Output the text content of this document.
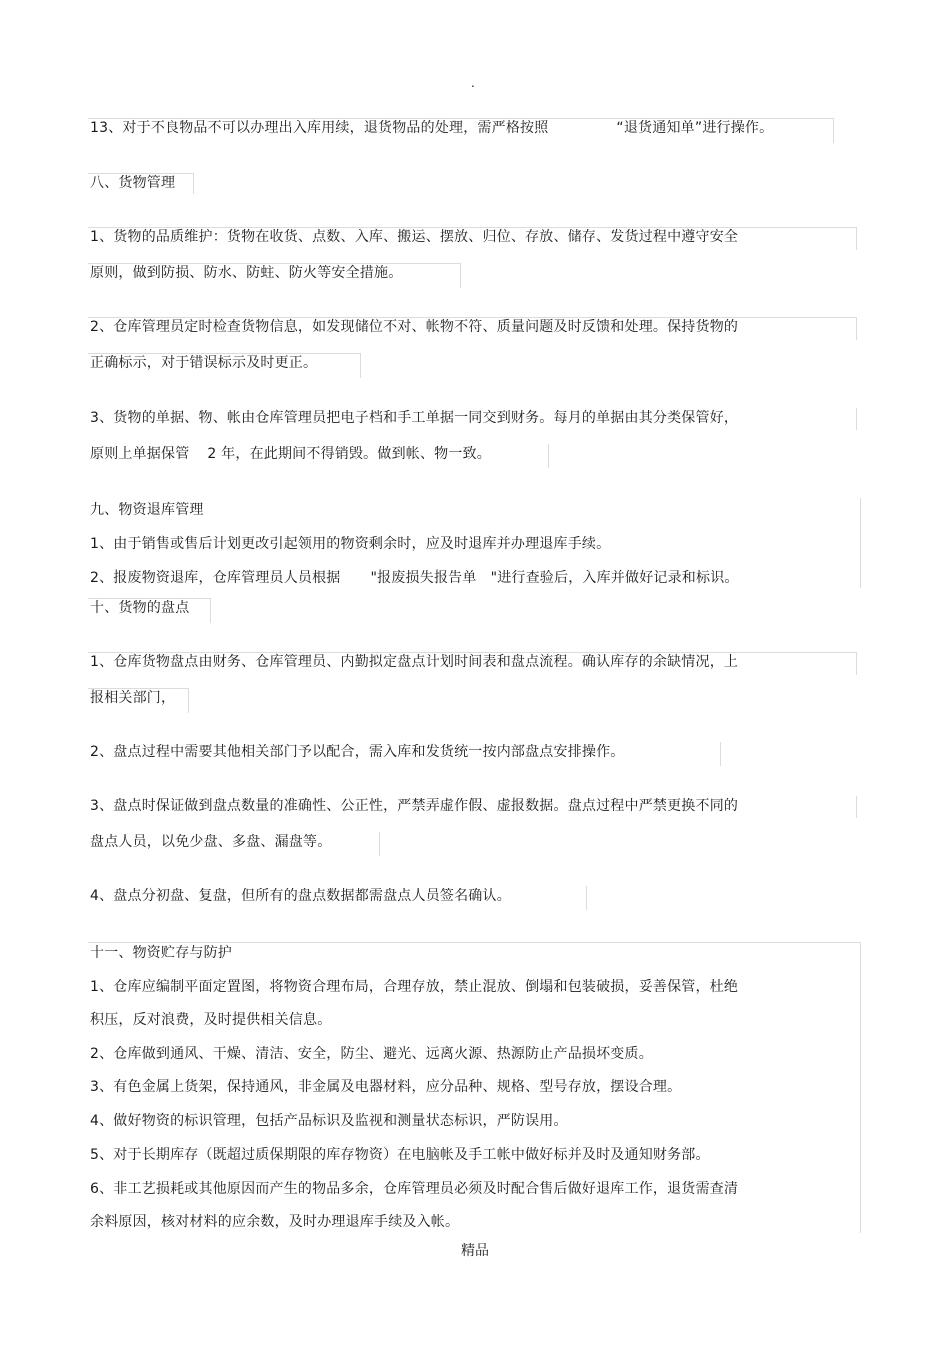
.
13、对于不良物品不可以办理出入库用续，退货物品的处理，需严格按照	“退货通知单”进行操作。
八、货物管理
1、货物的品质维护：货物在收货、点数、入库、搬运、摆放、归位、存放、储存、发货过程中遵守安全
原则，做到防损、防水、防蛀、防火等安全措施。
2、仓库管理员定时检查货物信息，如发现储位不对、帐物不符、质量问题及时反馈和处理。保持货物的
正确标示，对于错误标示及时更正。
3、货物的单据、物、帐由仓库管理员把电子档和手工单据一同交到财务。每月的单据由其分类保管好，
原则上单据保管 2 年，在此期间不得销毁。做到帐、物一致。
九、物资退库管理
1、由于销售或售后计划更改引起领用的物资剩余时，应及时退库并办理退库手续。
2、报废物资退库，仓库管理员人员根据 "报废损失报告单 "进行查验后，入库并做好记录和标识。
十、货物的盘点
1、仓库货物盘点由财务、仓库管理员、内勤拟定盘点计划时间表和盘点流程。确认库存的余缺情况，上
报相关部门，
2、盘点过程中需要其他相关部门予以配合，需入库和发货统一按内部盘点安排操作。
3、盘点时保证做到盘点数量的准确性、公正性，严禁弄虚作假、虚报数据。盘点过程中严禁更换不同的
盘点人员，以免少盘、多盘、漏盘等。
4、盘点分初盘、复盘，但所有的盘点数据都需盘点人员签名确认。
十一、物资贮存与防护
1、仓库应编制平面定置图，将物资合理布局，合理存放，禁止混放、倒塌和包装破损，妥善保管，杜绝
积压，反对浪费，及时提供相关信息。
2、仓库做到通风、干燥、清洁、安全，防尘、避光、远离火源、热源防止产品损坏变质。
3、有色金属上货架，保持通风，非金属及电器材料，应分品种、规格、型号存放，摆设合理。
4、做好物资的标识管理，包括产品标识及监视和测量状态标识，严防误用。
5、对于长期库存（既超过质保期限的库存物资）在电脑帐及手工帐中做好标并及时及通知财务部。
6、非工艺损耗或其他原因而产生的物品多余，仓库管理员必须及时配合售后做好退库工作，退货需查清
余料原因，核对材料的应余数，及时办理退库手续及入帐。
精品
